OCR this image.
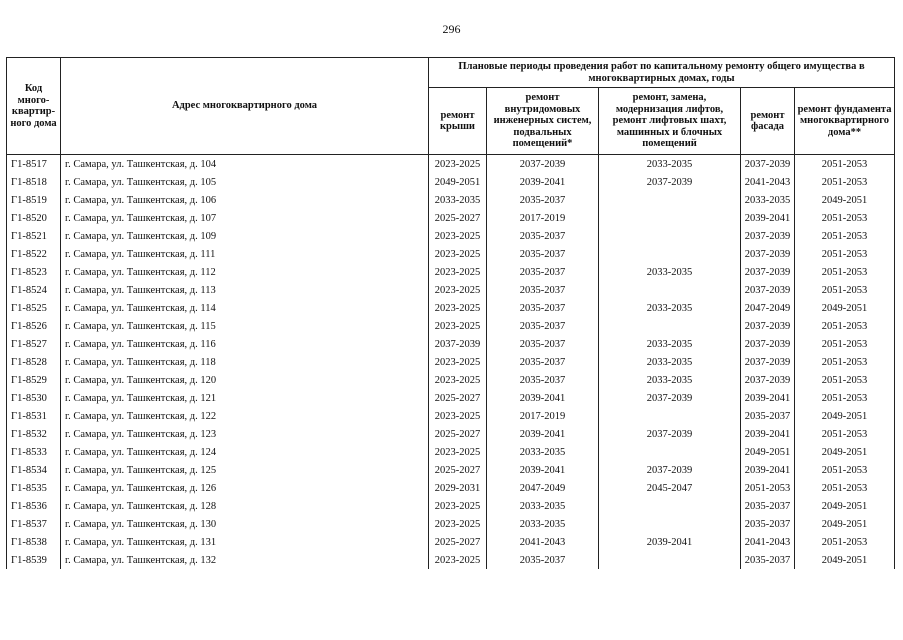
296
Код много-квартир-ного дома	Адрес многоквартирного дома	Плановые периоды проведения работ по капитальному ремонту общего имущества в многоквартирных домах, годы				
		ремонт крыши	ремонт внутридомовых инженерных систем, подвальных помещений*	ремонт, замена, модернизация лифтов, ремонт лифтовых шахт, машинных и блочных помещений	ремонт фасада	ремонт фундамента многоквартирного дома**
Г1-8517	г. Самара, ул. Ташкентская, д. 104	2023-2025	2037-2039	2033-2035	2037-2039	2051-2053
Г1-8518	г. Самара, ул. Ташкентская, д. 105	2049-2051	2039-2041	2037-2039	2041-2043	2051-2053
Г1-8519	г. Самара, ул. Ташкентская, д. 106	2033-2035	2035-2037		2033-2035	2049-2051
Г1-8520	г. Самара, ул. Ташкентская, д. 107	2025-2027	2017-2019		2039-2041	2051-2053
Г1-8521	г. Самара, ул. Ташкентская, д. 109	2023-2025	2035-2037		2037-2039	2051-2053
Г1-8522	г. Самара, ул. Ташкентская, д. 111	2023-2025	2035-2037		2037-2039	2051-2053
Г1-8523	г. Самара, ул. Ташкентская, д. 112	2023-2025	2035-2037	2033-2035	2037-2039	2051-2053
Г1-8524	г. Самара, ул. Ташкентская, д. 113	2023-2025	2035-2037		2037-2039	2051-2053
Г1-8525	г. Самара, ул. Ташкентская, д. 114	2023-2025	2035-2037	2033-2035	2047-2049	2049-2051
Г1-8526	г. Самара, ул. Ташкентская, д. 115	2023-2025	2035-2037		2037-2039	2051-2053
Г1-8527	г. Самара, ул. Ташкентская, д. 116	2037-2039	2035-2037	2033-2035	2037-2039	2051-2053
Г1-8528	г. Самара, ул. Ташкентская, д. 118	2023-2025	2035-2037	2033-2035	2037-2039	2051-2053
Г1-8529	г. Самара, ул. Ташкентская, д. 120	2023-2025	2035-2037	2033-2035	2037-2039	2051-2053
Г1-8530	г. Самара, ул. Ташкентская, д. 121	2025-2027	2039-2041	2037-2039	2039-2041	2051-2053
Г1-8531	г. Самара, ул. Ташкентская, д. 122	2023-2025	2017-2019		2035-2037	2049-2051
Г1-8532	г. Самара, ул. Ташкентская, д. 123	2025-2027	2039-2041	2037-2039	2039-2041	2051-2053
Г1-8533	г. Самара, ул. Ташкентская, д. 124	2023-2025	2033-2035		2049-2051	2049-2051
Г1-8534	г. Самара, ул. Ташкентская, д. 125	2025-2027	2039-2041	2037-2039	2039-2041	2051-2053
Г1-8535	г. Самара, ул. Ташкентская, д. 126	2029-2031	2047-2049	2045-2047	2051-2053	2051-2053
Г1-8536	г. Самара, ул. Ташкентская, д. 128	2023-2025	2033-2035		2035-2037	2049-2051
Г1-8537	г. Самара, ул. Ташкентская, д. 130	2023-2025	2033-2035		2035-2037	2049-2051
Г1-8538	г. Самара, ул. Ташкентская, д. 131	2025-2027	2041-2043	2039-2041	2041-2043	2051-2053
Г1-8539	г. Самара, ул. Ташкентская, д. 132	2023-2025	2035-2037		2035-2037	2049-2051
